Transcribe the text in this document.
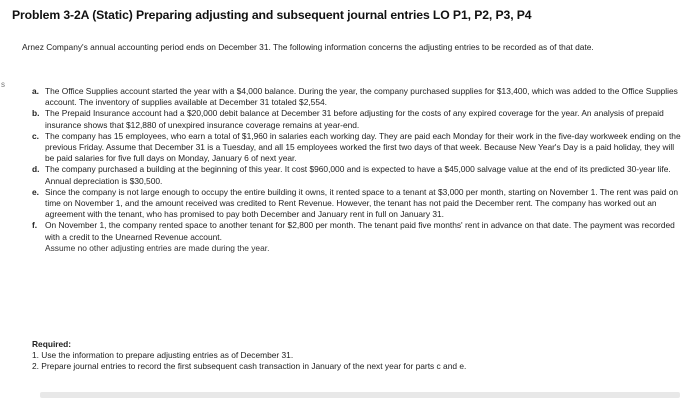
Problem 3-2A (Static) Preparing adjusting and subsequent journal entries LO P1, P2, P3, P4
s
Arnez Company's annual accounting period ends on December 31. The following information concerns the adjusting entries to be recorded as of that date.
a. The Office Supplies account started the year with a $4,000 balance. During the year, the company purchased supplies for $13,400, which was added to the Office Supplies account. The inventory of supplies available at December 31 totaled $2,554.
b. The Prepaid Insurance account had a $20,000 debit balance at December 31 before adjusting for the costs of any expired coverage for the year. An analysis of prepaid insurance shows that $12,880 of unexpired insurance coverage remains at year-end.
c. The company has 15 employees, who earn a total of $1,960 in salaries each working day. They are paid each Monday for their work in the five-day workweek ending on the previous Friday. Assume that December 31 is a Tuesday, and all 15 employees worked the first two days of that week. Because New Year's Day is a paid holiday, they will be paid salaries for five full days on Monday, January 6 of next year.
d. The company purchased a building at the beginning of this year. It cost $960,000 and is expected to have a $45,000 salvage value at the end of its predicted 30-year life. Annual depreciation is $30,500.
e. Since the company is not large enough to occupy the entire building it owns, it rented space to a tenant at $3,000 per month, starting on November 1. The rent was paid on time on November 1, and the amount received was credited to Rent Revenue. However, the tenant has not paid the December rent. The company has worked out an agreement with the tenant, who has promised to pay both December and January rent in full on January 31.
f. On November 1, the company rented space to another tenant for $2,800 per month. The tenant paid five months' rent in advance on that date. The payment was recorded with a credit to the Unearned Revenue account.
Assume no other adjusting entries are made during the year.
Required:
1. Use the information to prepare adjusting entries as of December 31.
2. Prepare journal entries to record the first subsequent cash transaction in January of the next year for parts c and e.
